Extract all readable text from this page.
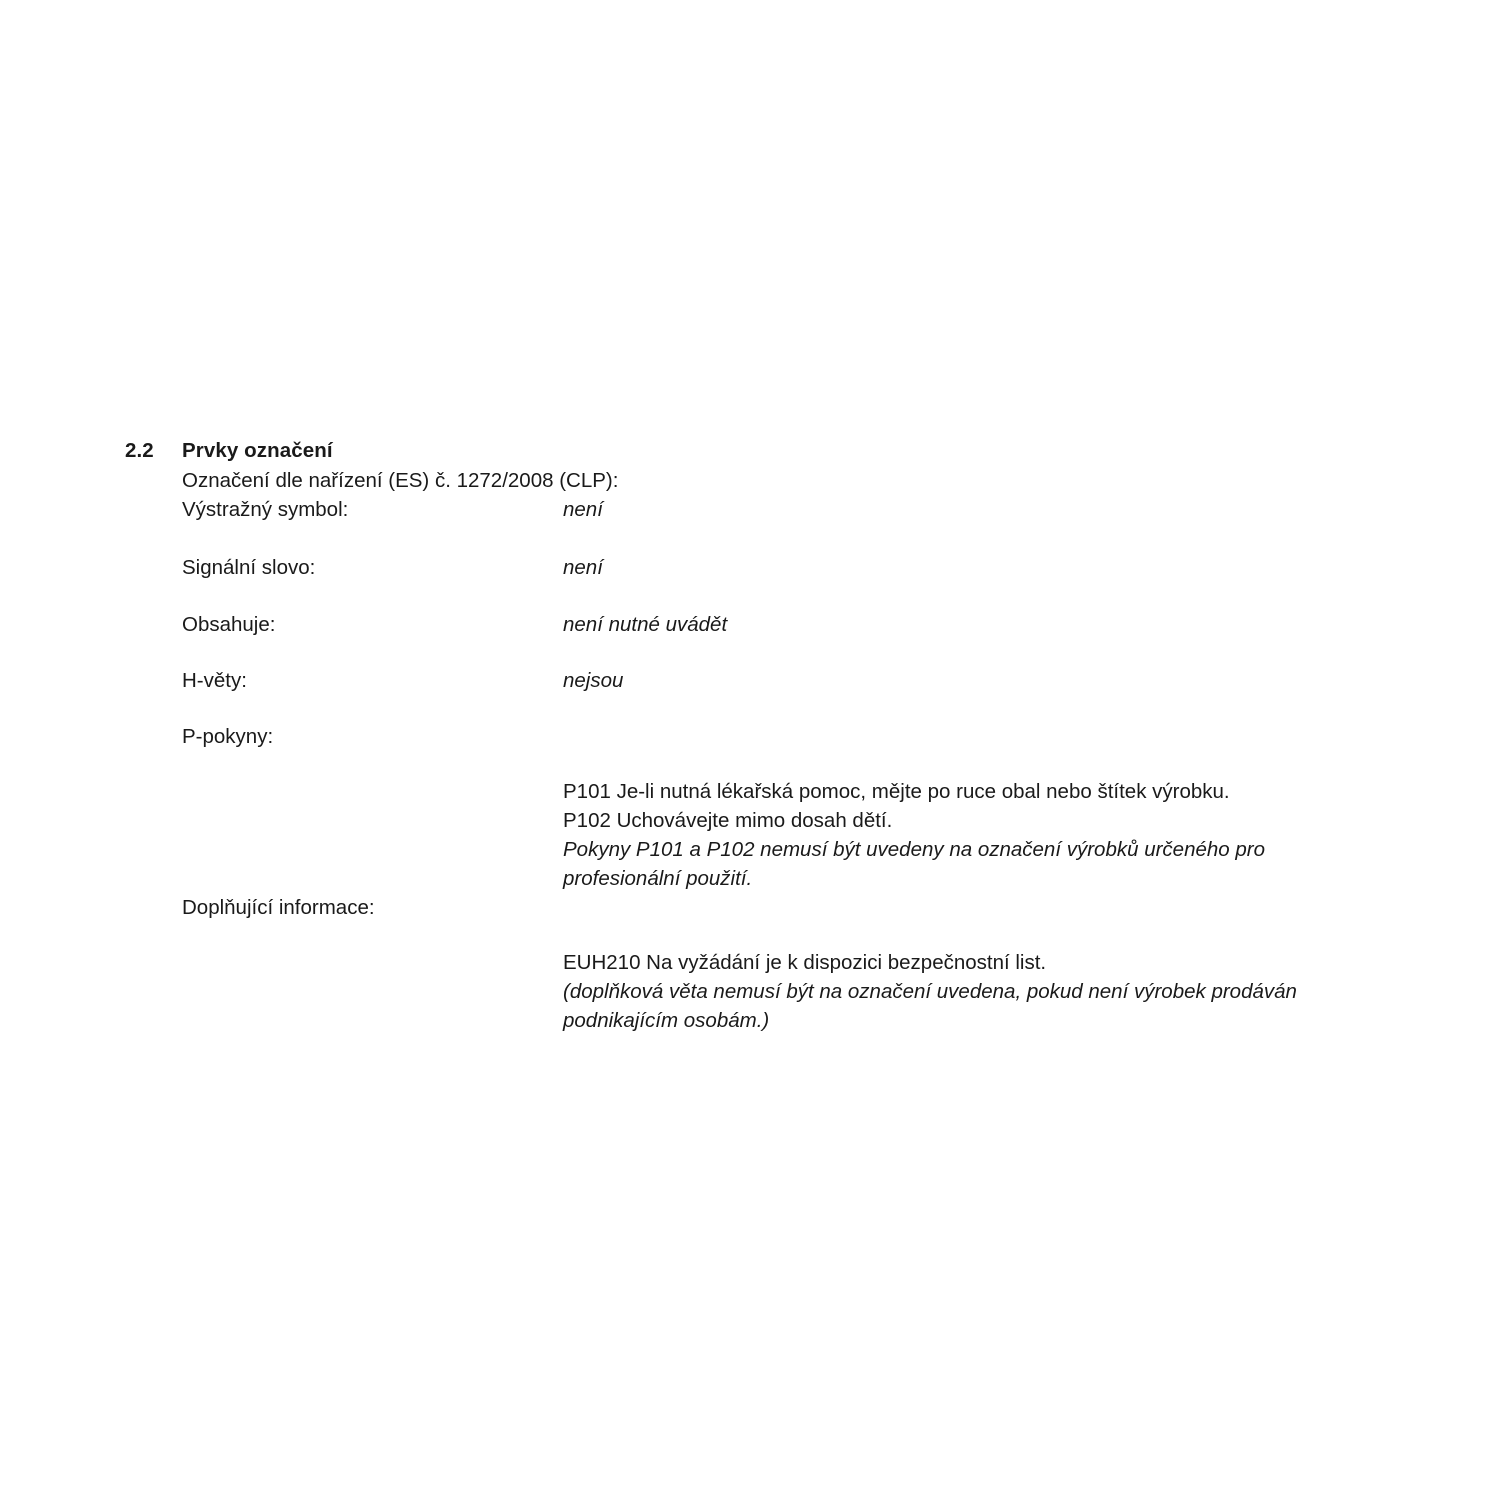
2.2	Prvky označení
Označení dle nařízení (ES) č. 1272/2008 (CLP):
Výstražný symbol:	není
Signální slovo:	není
Obsahuje:	není nutné uvádět
H-věty:	nejsou
P-pokyny:
P101 Je-li nutná lékařská pomoc, mějte po ruce obal nebo štítek výrobku.
P102 Uchovávejte mimo dosah dětí.
Pokyny P101 a P102 nemusí být uvedeny na označení výrobků určeného pro
profesionální použití.
Doplňující informace:
EUH210 Na vyžádání je k dispozici bezpečnostní list.
(doplňková věta nemusí být na označení uvedena, pokud není výrobek prodáván
podnikajícím osobám.)
